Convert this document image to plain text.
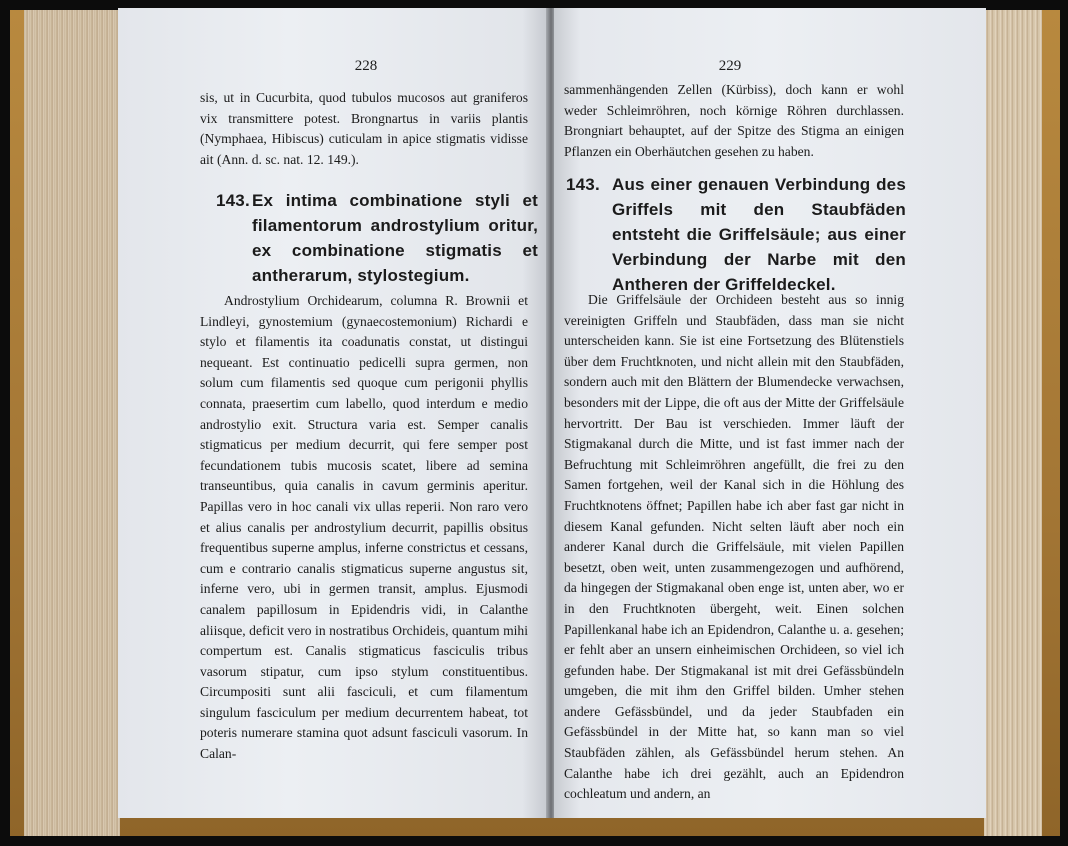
228

sis, ut in Cucurbita, quod tubulos mucosos aut graniferos vix transmittere potest. Brongnartus in variis plantis (Nymphaea, Hibiscus) cuticulam in apice stigmatis vidisse ait (Ann. d. sc. nat. 12. 149.).

143. Ex intima combinatione styli et filamentorum androstylium oritur, ex combinatione stigmatis et antherarum, stylostegium.

Androstylium Orchidearum, columna R. Brownii et Lindleyi, gynostemium (gynaecostemonium) Richardi e stylo et filamentis ita coadunatis constat, ut distingui nequeant. Est continuatio pedicelli supra germen, non solum cum filamentis sed quoque cum perigonii phyllis connata, praesertim cum labello, quod interdum e medio androstylio exit. Structura varia est. Semper canalis stigmaticus per medium decurrit, qui fere semper post fecundationem tubis mucosis scatet, libere ad semina transeuntibus, quia canalis in cavum germinis aperitur. Papillas vero in hoc canali vix ullas reperii. Non raro vero et alius canalis per androstylium decurrit, papillis obsitus frequentibus superne amplus, inferne constrictus et cessans, cum e contrario canalis stigmaticus superne angustus sit, inferne vero, ubi in germen transit, amplus. Ejusmodi canalem papillosum in Epidendris vidi, in Calanthe aliisque, deficit vero in nostratibus Orchideis, quantum mihi compertum est. Canalis stigmaticus fasciculis tribus vasorum stipatur, cum ipso stylum constituentibus. Circumpositi sunt alii fasciculi, et cum filamentum singulum fasciculum per medium decurrentem habeat, tot poteris numerare stamina quot adsunt fasciculi vasorum. In Calan-

229

sammenhängenden Zellen (Kürbiss), doch kann er wohl weder Schleimröhren, noch körnige Röhren durchlassen. Brongniart behauptet, auf der Spitze des Stigma an einigen Pflanzen ein Oberhäutchen gesehen zu haben.

143. Aus einer genauen Verbindung des Griffels mit den Staubfäden entsteht die Griffelsäule; aus einer Verbindung der Narbe mit den Antheren der Griffeldeckel.

Die Griffelsäule der Orchideen besteht aus so innig vereinigten Griffeln und Staubfäden, dass man sie nicht unterscheiden kann. Sie ist eine Fortsetzung des Blütenstiels über dem Fruchtknoten, und nicht allein mit den Staubfäden, sondern auch mit den Blättern der Blumendecke verwachsen, besonders mit der Lippe, die oft aus der Mitte der Griffelsäule hervortritt. Der Bau ist verschieden. Immer läuft der Stigmakanal durch die Mitte, und ist fast immer nach der Befruchtung mit Schleimröhren angefüllt, die frei zu den Samen fortgehen, weil der Kanal sich in die Höhlung des Fruchtknotens öffnet; Papillen habe ich aber fast gar nicht in diesem Kanal gefunden. Nicht selten läuft aber noch ein anderer Kanal durch die Griffelsäule, mit vielen Papillen besetzt, oben weit, unten zusammengezogen und aufhörend, da hingegen der Stigmakanal oben enge ist, unten aber, wo er in den Fruchtknoten übergeht, weit. Einen solchen Papillenkanal habe ich an Epidendron, Calanthe u. a. gesehen; er fehlt aber an unsern einheimischen Orchideen, so viel ich gefunden habe. Der Stigmakanal ist mit drei Gefässbündeln umgeben, die mit ihm den Griffel bilden. Umher stehen andere Gefässbündel, und da jeder Staubfaden ein Gefässbündel in der Mitte hat, so kann man so viel Staubfäden zählen, als Gefässbündel herum stehen. An Calanthe habe ich drei gezählt, auch an Epidendron cochleatum und andern, an
